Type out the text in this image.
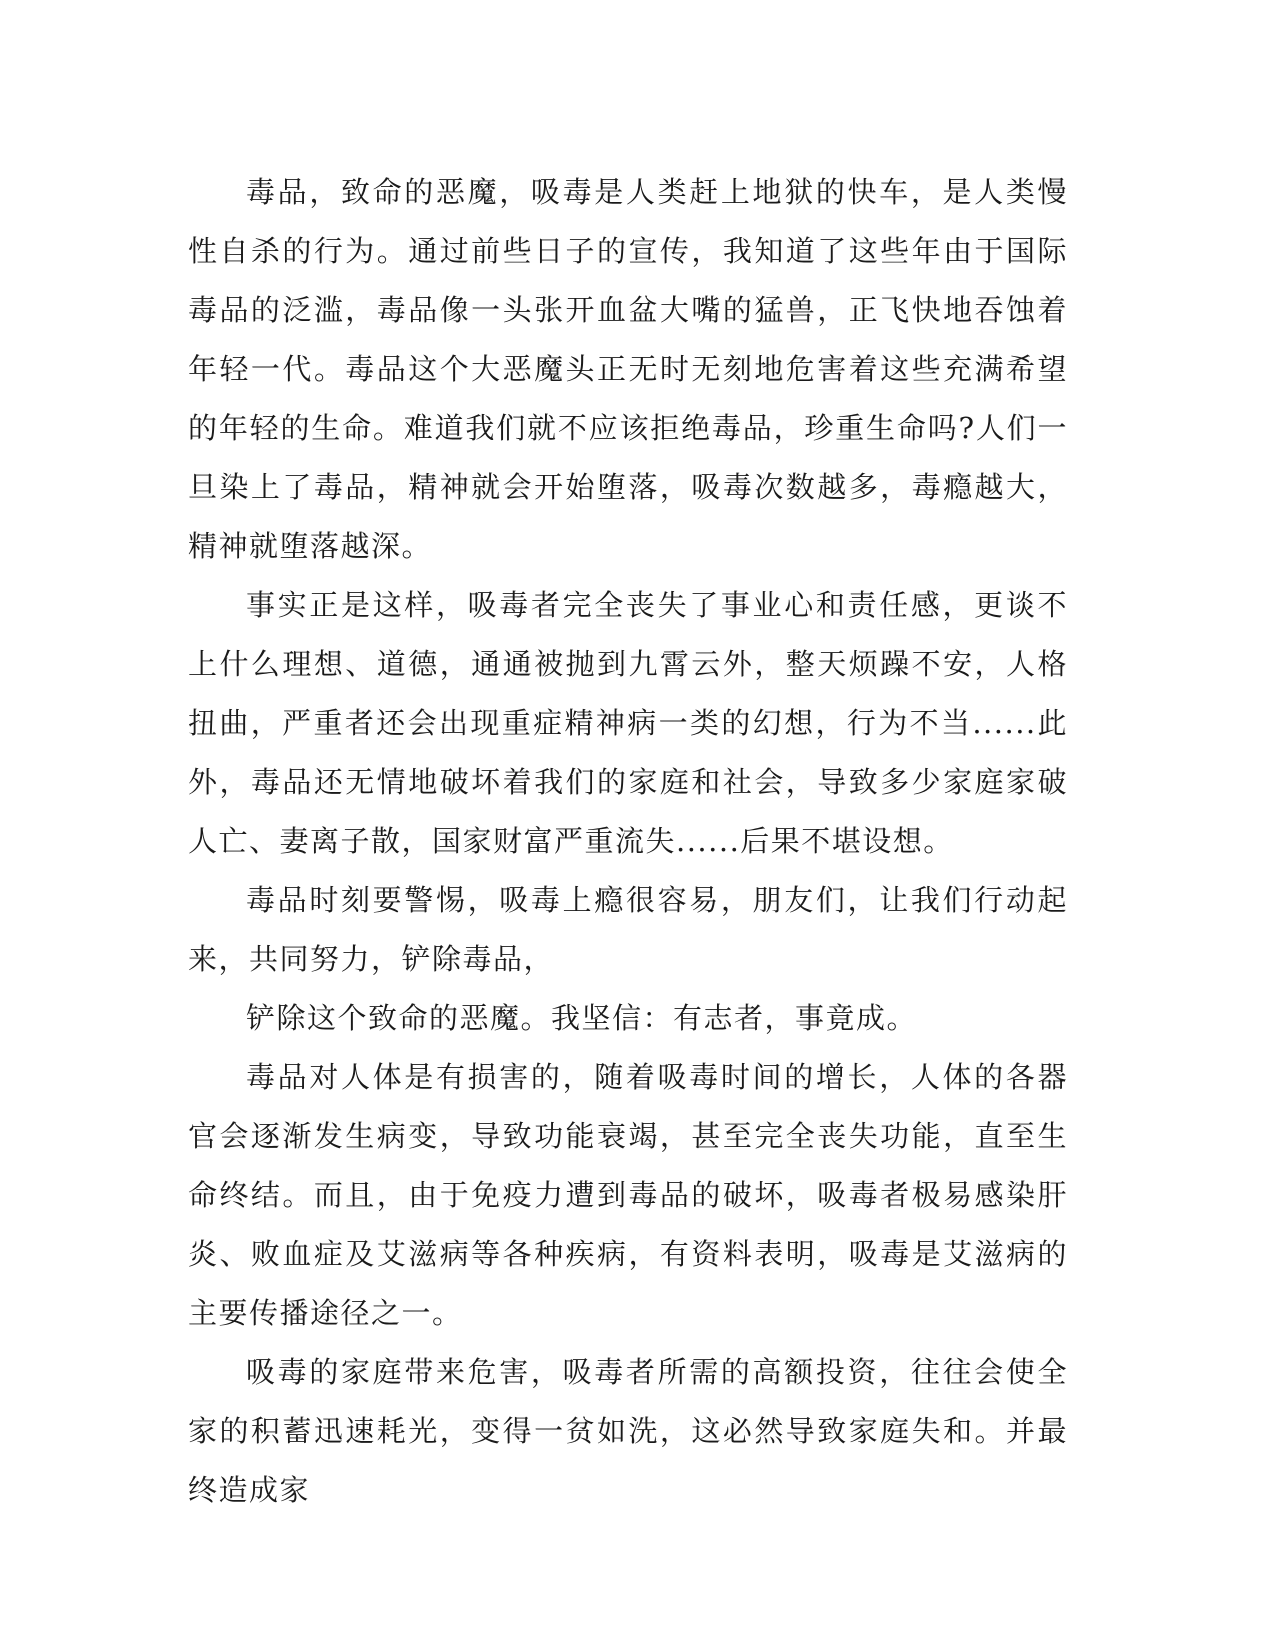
毒品，致命的恶魔，吸毒是人类赶上地狱的快车，是人类慢性自杀的行为。通过前些日子的宣传，我知道了这些年由于国际毒品的泛滥，毒品像一头张开血盆大嘴的猛兽，正飞快地吞蚀着年轻一代。毒品这个大恶魔头正无时无刻地危害着这些充满希望的年轻的生命。难道我们就不应该拒绝毒品，珍重生命吗?人们一旦染上了毒品，精神就会开始堕落，吸毒次数越多，毒瘾越大，精神就堕落越深。

事实正是这样，吸毒者完全丧失了事业心和责任感，更谈不上什么理想、道德，通通被抛到九霄云外，整天烦躁不安，人格扭曲，严重者还会出现重症精神病一类的幻想，行为不当......此外，毒品还无情地破坏着我们的家庭和社会，导致多少家庭家破人亡、妻离子散，国家财富严重流失......后果不堪设想。

毒品时刻要警惕，吸毒上瘾很容易，朋友们，让我们行动起来，共同努力，铲除毒品，

铲除这个致命的恶魔。我坚信：有志者，事竟成。

毒品对人体是有损害的，随着吸毒时间的增长，人体的各器官会逐渐发生病变，导致功能衰竭，甚至完全丧失功能，直至生命终结。而且，由于免疫力遭到毒品的破坏，吸毒者极易感染肝炎、败血症及艾滋病等各种疾病，有资料表明，吸毒是艾滋病的主要传播途径之一。

吸毒的家庭带来危害，吸毒者所需的高额投资，往往会使全家的积蓄迅速耗光，变得一贫如洗，这必然导致家庭失和。并最终造成家
